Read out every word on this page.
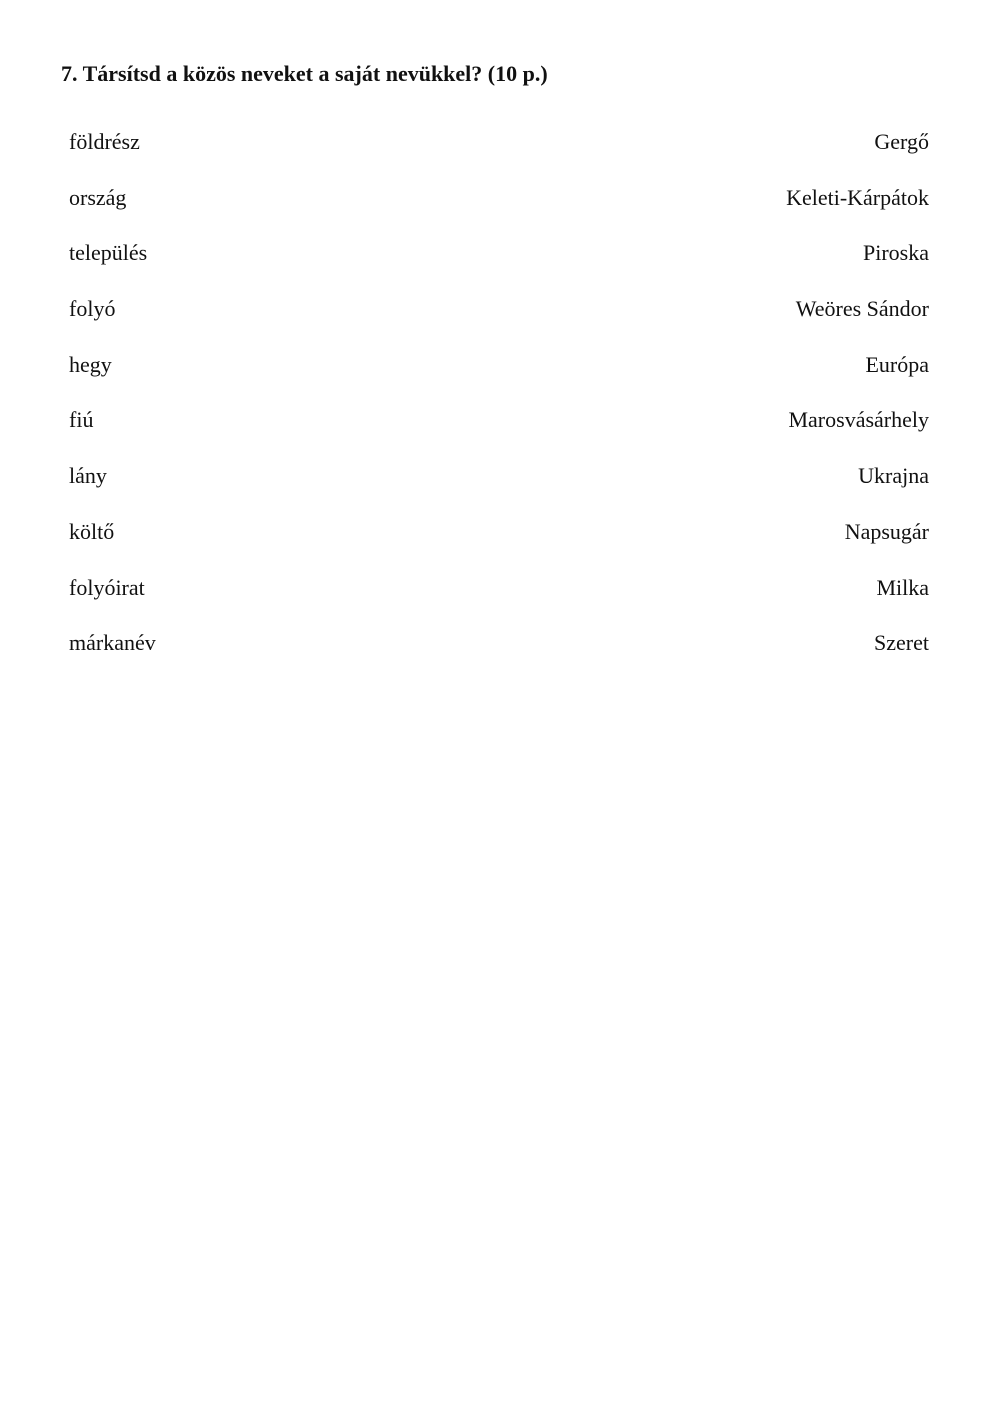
7. Társítsd a közös neveket a saját nevükkel? (10 p.)
földrész	Gergő
ország	Keleti-Kárpátok
település	Piroska
folyó	Weöres Sándor
hegy	Európa
fiú	Marosvásárhely
lány	Ukrajna
költő	Napsugár
folyóirat	Milka
márkanév	Szeret
